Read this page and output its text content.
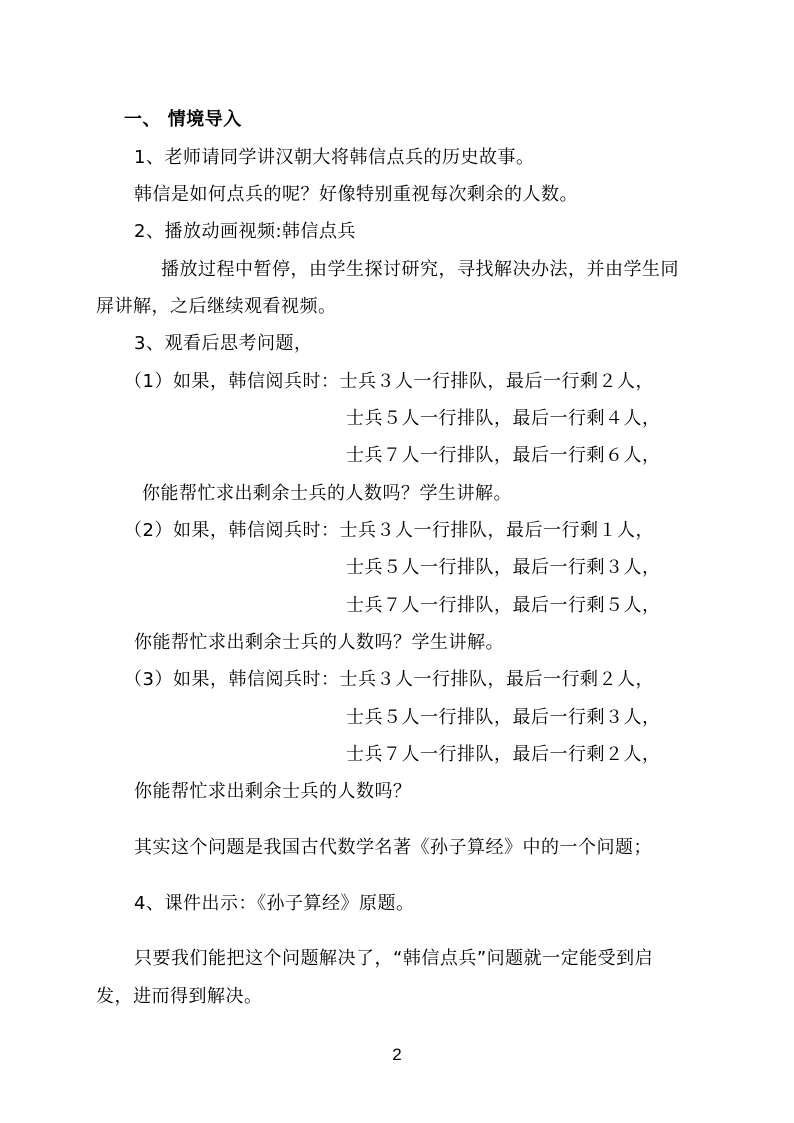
一、 情境导入
1、老师请同学讲汉朝大将韩信点兵的历史故事。
韩信是如何点兵的呢？好像特别重视每次剩余的人数。
2、播放动画视频:韩信点兵
播放过程中暂停，由学生探讨研究，寻找解决办法，并由学生同
屏讲解，之后继续观看视频。
3、观看后思考问题，
（1）如果，韩信阅兵时：士兵３人一行排队，最后一行剩２人，
士兵５人一行排队，最后一行剩４人，
士兵７人一行排队，最后一行剩６人，
你能帮忙求出剩余士兵的人数吗？学生讲解。
（2）如果，韩信阅兵时：士兵３人一行排队，最后一行剩１人，
士兵５人一行排队，最后一行剩３人，
士兵７人一行排队，最后一行剩５人，
你能帮忙求出剩余士兵的人数吗？学生讲解。
（3）如果，韩信阅兵时：士兵３人一行排队，最后一行剩２人，
士兵５人一行排队，最后一行剩３人，
士兵７人一行排队，最后一行剩２人，
你能帮忙求出剩余士兵的人数吗？
其实这个问题是我国古代数学名著《孙子算经》中的一个问题；
4、课件出示：《孙子算经》原题。
只要我们能把这个问题解决了，“韩信点兵”问题就一定能受到启
发，进而得到解决。
2
